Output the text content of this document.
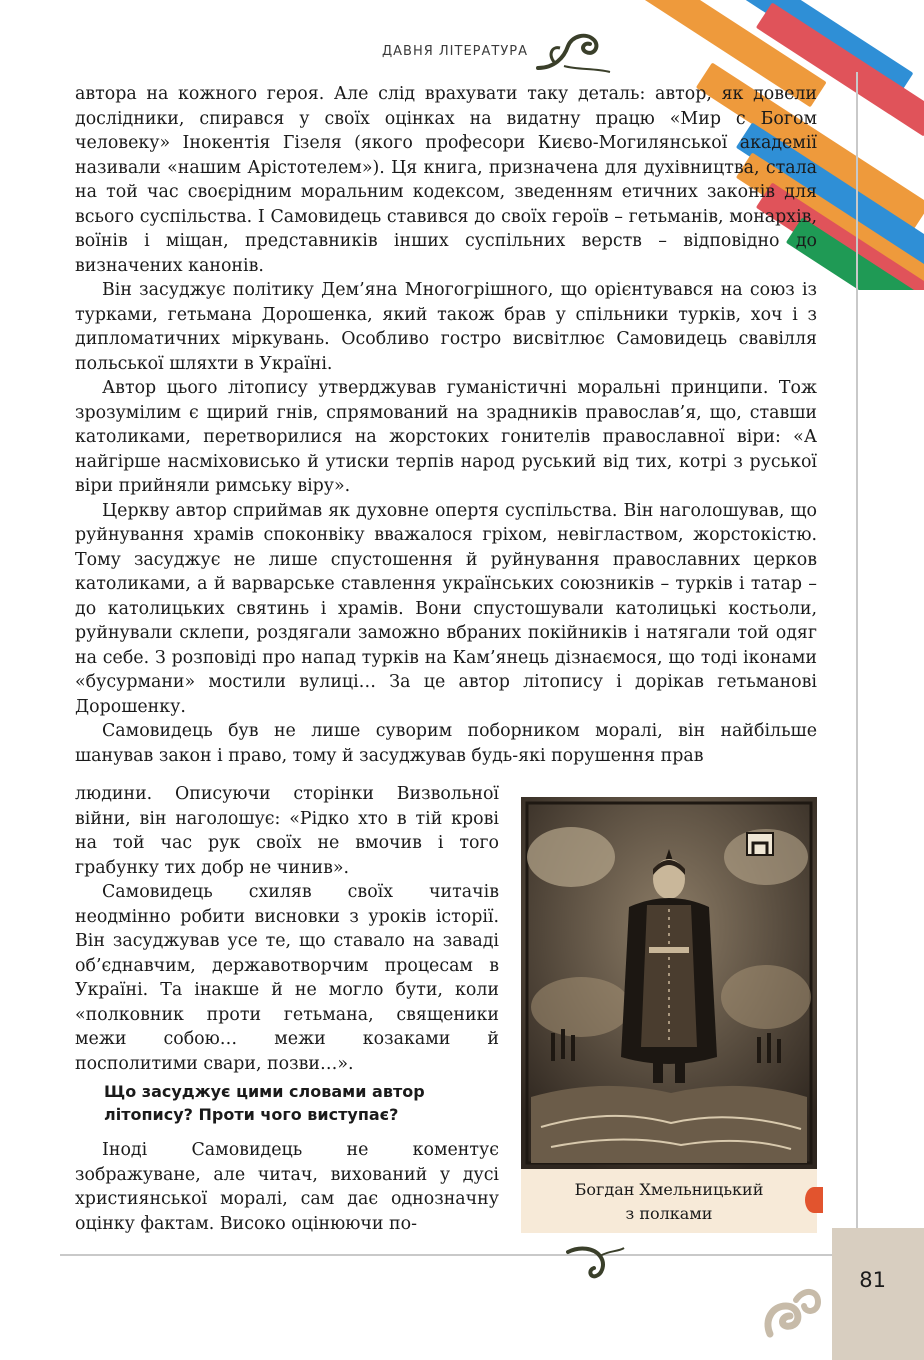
ДАВНЯ ЛІТЕРАТУРА

автора на кожного героя. Але слід врахувати таку деталь: автор, як довели дослідники, спирався у своїх оцінках на видатну працю «Мир с Богом человеку» Інокентія Гізеля (якого професори Києво-Могилянської академії називали «нашим Арістотелем»). Ця книга, призначена для духівництва, стала на той час своєрідним моральним кодексом, зведенням етичних законів для всього суспільства. І Самовидець ставився до своїх героїв – гетьманів, монархів, воїнів і міщан, представників інших суспільних верств – відповідно до визначених канонів.

Він засуджує політику Дем’яна Многогрішного, що орієнтувався на союз із турками, гетьмана Дорошенка, який також брав у спільники турків, хоч і з дипломатичних міркувань. Особливо гостро висвітлює Самовидець свавілля польської шляхти в Україні.

Автор цього літопису утверджував гуманістичні моральні принципи. Тож зрозумілим є щирий гнів, спрямований на зрадників православ’я, що, ставши католиками, перетворилися на жорстоких гонителів православної віри: «А найгірше насміховисько й утиски терпів народ руський від тих, котрі з руської віри прийняли римську віру».

Церкву автор сприймав як духовне опертя суспільства. Він наголошував, що руйнування храмів споконвіку вважалося гріхом, невіглаством, жорстокістю. Тому засуджує не лише спустошення й руйнування православних церков католиками, а й варварське ставлення українських союзників – турків і татар – до католицьких святинь і храмів. Вони спустошували католицькі костьоли, руйнували склепи, роздягали заможно вбраних покійників і натягали той одяг на себе. З розповіді про напад турків на Кам’янець дізнаємося, що тоді іконами «бусурмани» мостили вулиці… За це автор літопису і дорікав гетьманові Дорошенку.

Самовидець був не лише суворим поборником моралі, він найбільше шанував закон і право, тому й засуджував будь-які порушення прав

людини. Описуючи сторінки Визвольної війни, він наголошує: «Рідко хто в тій крові на той час рук своїх не вмочив і того грабунку тих добр не чинив».

Самовидець схиляв своїх читачів неодмінно робити висновки з уроків історії. Він засуджував усе те, що ставало на заваді об’єднавчим, державотворчим процесам в Україні. Та інакше й не могло бути, коли «полковник проти гетьмана, священики межи собою… межи козаками й посполитими свари, позви…».

Що засуджує цими словами автор літопису? Проти чого виступає?

Іноді Самовидець не коментує зображуване, але читач, вихований у дусі християнської моралі, сам дає однозначну оцінку фактам. Високо оцінюючи по-

Богдан Хмельницький
з полками
81
